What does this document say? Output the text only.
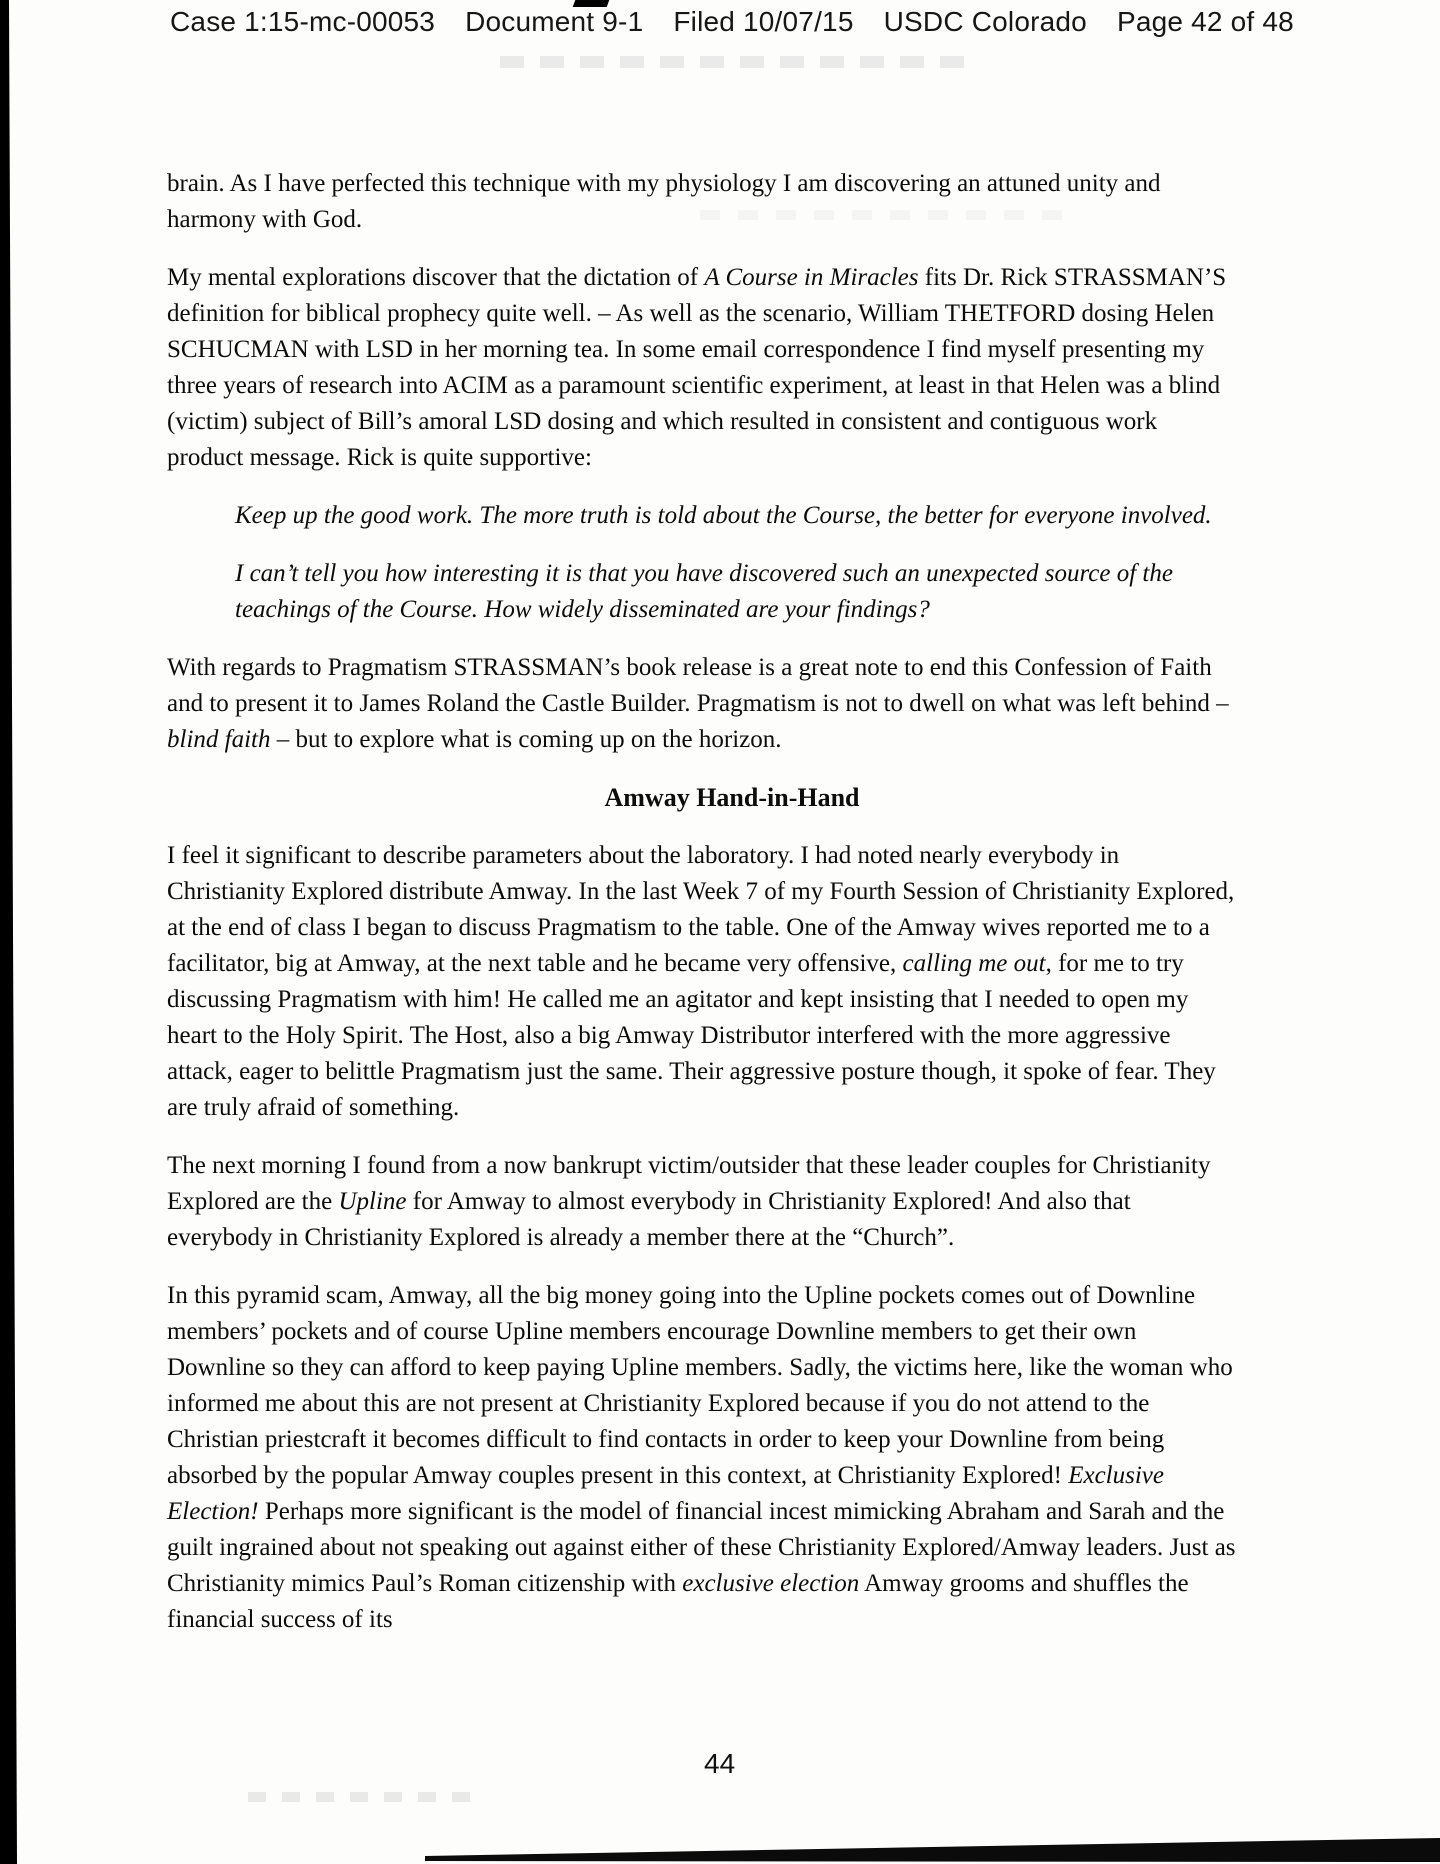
Case 1:15-mc-00053 Document 9-1 Filed 10/07/15 USDC Colorado Page 42 of 48

brain. As I have perfected this technique with my physiology I am discovering an attuned unity and harmony with God.

My mental explorations discover that the dictation of A Course in Miracles fits Dr. Rick STRASSMAN’S definition for biblical prophecy quite well. – As well as the scenario, William THETFORD dosing Helen SCHUCMAN with LSD in her morning tea. In some email correspondence I find myself presenting my three years of research into ACIM as a paramount scientific experiment, at least in that Helen was a blind (victim) subject of Bill’s amoral LSD dosing and which resulted in consistent and contiguous work product message. Rick is quite supportive:

Keep up the good work. The more truth is told about the Course, the better for everyone involved.
I can’t tell you how interesting it is that you have discovered such an unexpected source of the teachings of the Course. How widely disseminated are your findings?

With regards to Pragmatism STRASSMAN’s book release is a great note to end this Confession of Faith and to present it to James Roland the Castle Builder. Pragmatism is not to dwell on what was left behind – blind faith – but to explore what is coming up on the horizon.

Amway Hand-in-Hand

I feel it significant to describe parameters about the laboratory. I had noted nearly everybody in Christianity Explored distribute Amway. In the last Week 7 of my Fourth Session of Christianity Explored, at the end of class I began to discuss Pragmatism to the table. One of the Amway wives reported me to a facilitator, big at Amway, at the next table and he became very offensive, calling me out, for me to try discussing Pragmatism with him! He called me an agitator and kept insisting that I needed to open my heart to the Holy Spirit. The Host, also a big Amway Distributor interfered with the more aggressive attack, eager to belittle Pragmatism just the same. Their aggressive posture though, it spoke of fear. They are truly afraid of something.

The next morning I found from a now bankrupt victim/outsider that these leader couples for Christianity Explored are the Upline for Amway to almost everybody in Christianity Explored! And also that everybody in Christianity Explored is already a member there at the “Church”.

In this pyramid scam, Amway, all the big money going into the Upline pockets comes out of Downline members’ pockets and of course Upline members encourage Downline members to get their own Downline so they can afford to keep paying Upline members. Sadly, the victims here, like the woman who informed me about this are not present at Christianity Explored because if you do not attend to the Christian priestcraft it becomes difficult to find contacts in order to keep your Downline from being absorbed by the popular Amway couples present in this context, at Christianity Explored! Exclusive Election! Perhaps more significant is the model of financial incest mimicking Abraham and Sarah and the guilt ingrained about not speaking out against either of these Christianity Explored/Amway leaders. Just as Christianity mimics Paul’s Roman citizenship with exclusive election Amway grooms and shuffles the financial success of its

44
